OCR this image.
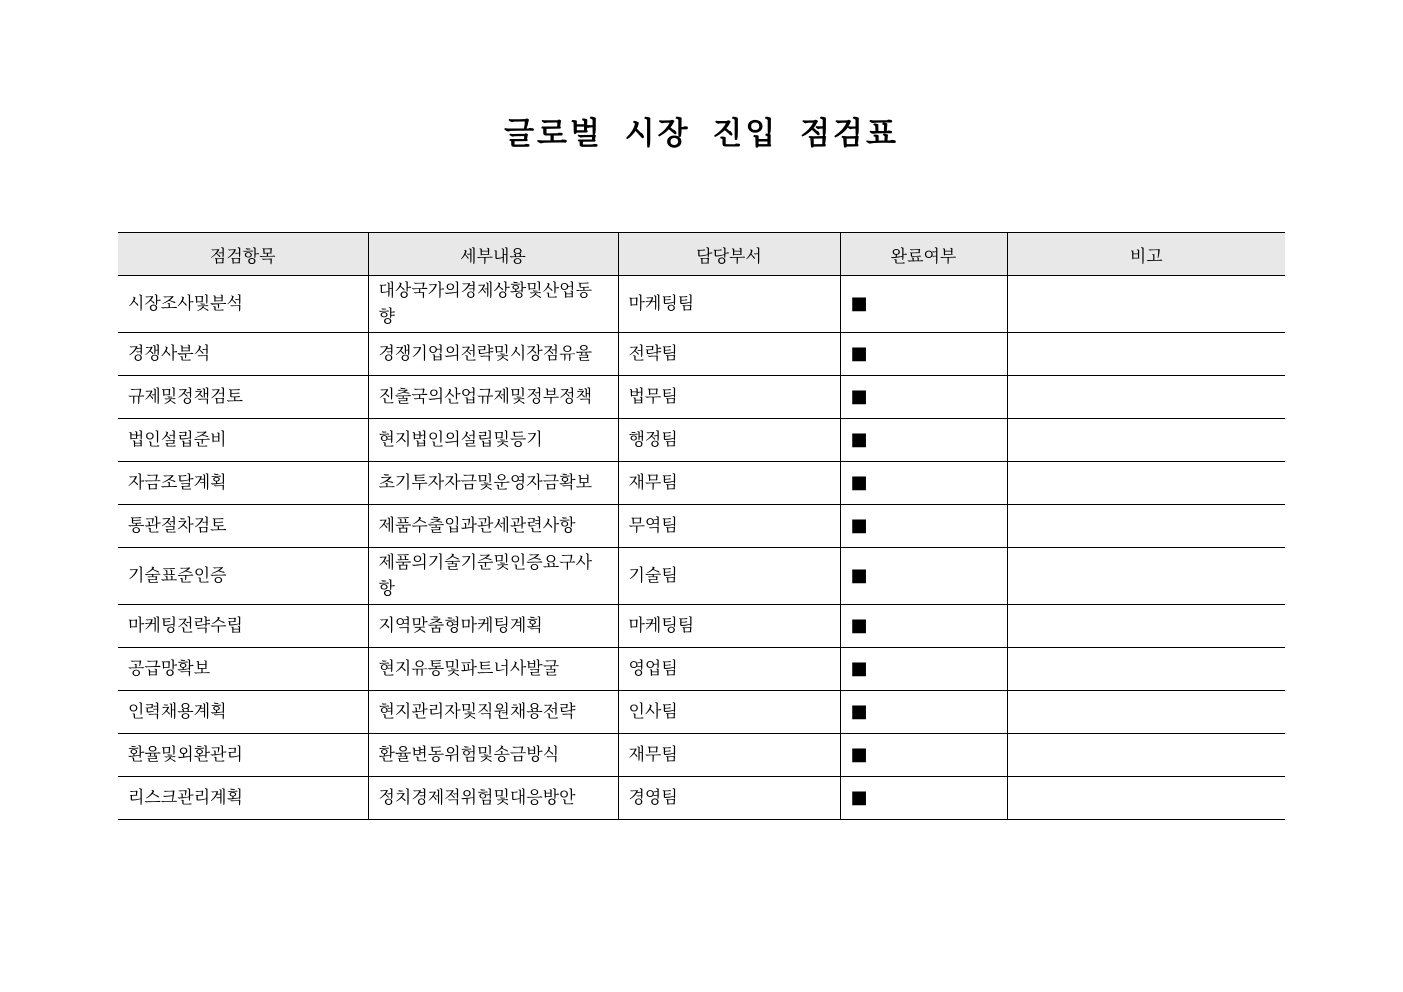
글로벌 시장 진입 점검표
점검항목	세부내용	담당부서	완료여부	비고
시장조사및분석	대상국가의경제상황및산업동향	마케팅팀	■	
경쟁사분석	경쟁기업의전략및시장점유율	전략팀	■	
규제및정책검토	진출국의산업규제및정부정책	법무팀	■	
법인설립준비	현지법인의설립및등기	행정팀	■	
자금조달계획	초기투자자금및운영자금확보	재무팀	■	
통관절차검토	제품수출입과관세관련사항	무역팀	■	
기술표준인증	제품의기술기준및인증요구사항	기술팀	■	
마케팅전략수립	지역맞춤형마케팅계획	마케팅팀	■	
공급망확보	현지유통및파트너사발굴	영업팀	■	
인력채용계획	현지관리자및직원채용전략	인사팀	■	
환율및외환관리	환율변동위험및송금방식	재무팀	■	
리스크관리계획	정치경제적위험및대응방안	경영팀	■	
